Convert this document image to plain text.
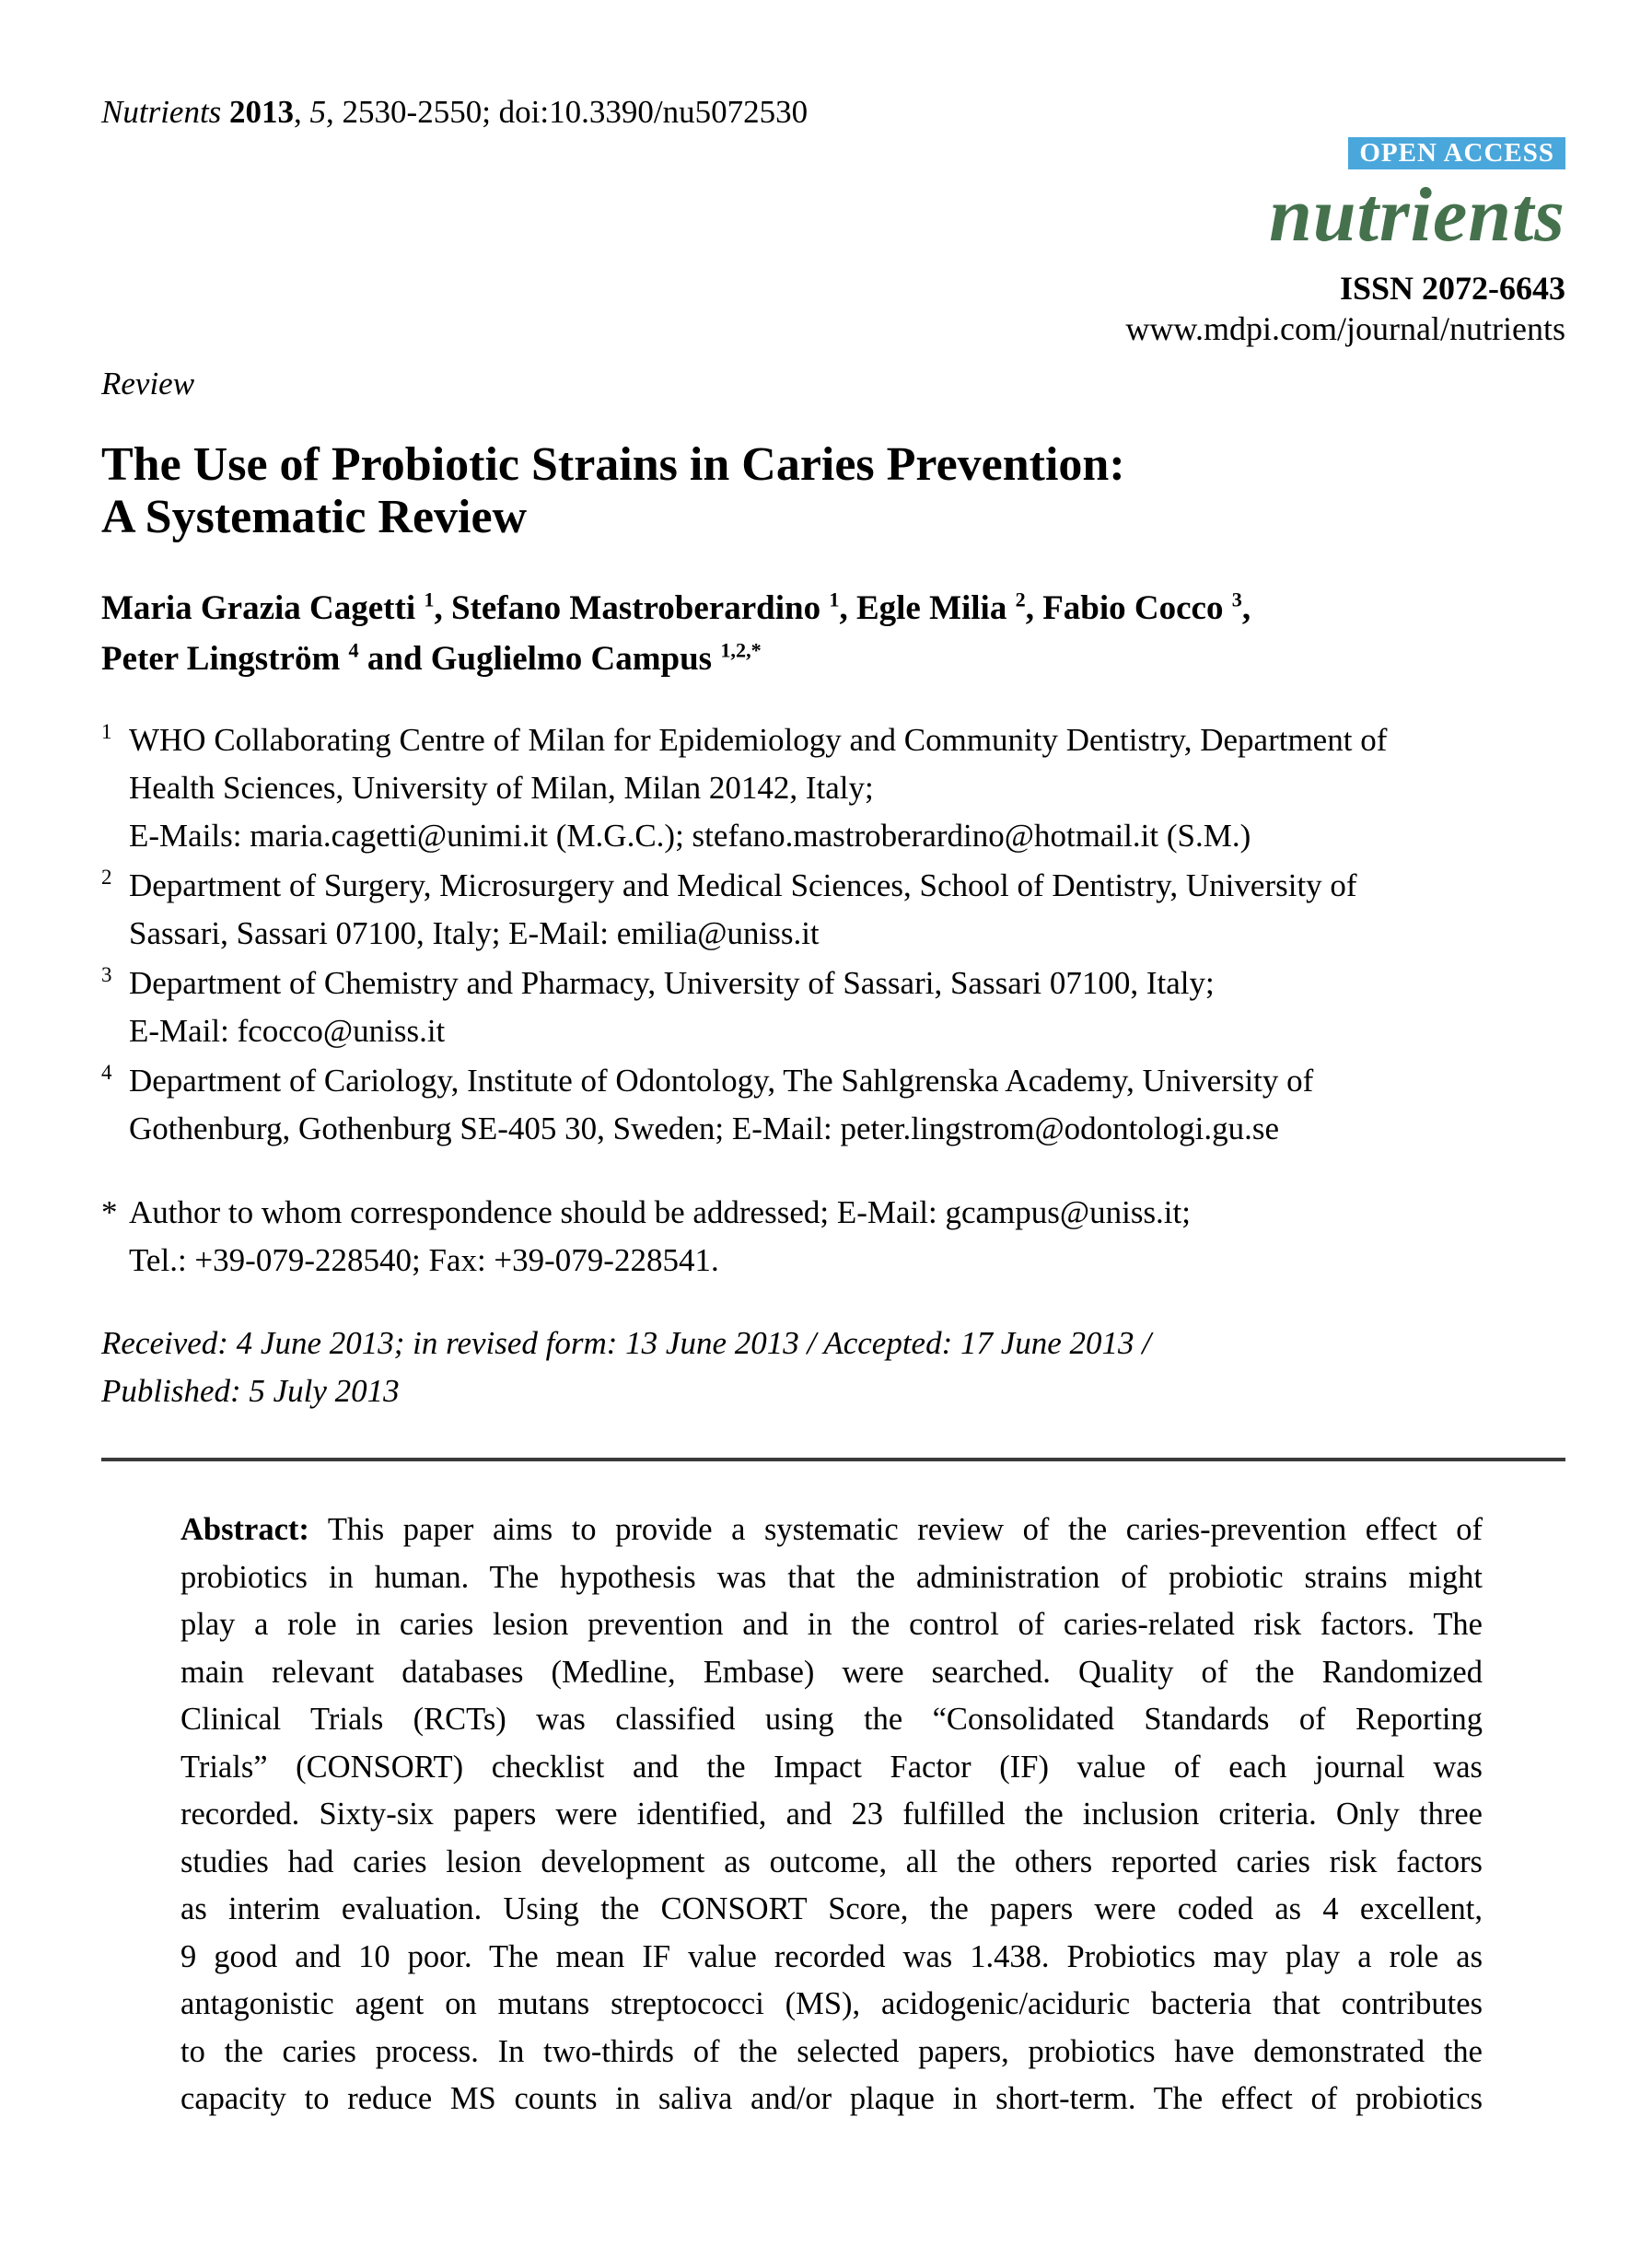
Nutrients 2013, 5, 2530-2550; doi:10.3390/nu5072530
OPEN ACCESS
nutrients
ISSN 2072-6643
www.mdpi.com/journal/nutrients
Review
The Use of Probiotic Strains in Caries Prevention:
A Systematic Review
Maria Grazia Cagetti $^1$, Stefano Mastroberardino $^1$, Egle Milia $^2$, Fabio Cocco $^3$,
Peter Lingström $^4$ and Guglielmo Campus $^{1,2,*}$
1 WHO Collaborating Centre of Milan for Epidemiology and Community Dentistry, Department of
Health Sciences, University of Milan, Milan 20142, Italy;
E-Mails: maria.cagetti@unimi.it (M.G.C.); stefano.mastroberardino@hotmail.it (S.M.)
2 Department of Surgery, Microsurgery and Medical Sciences, School of Dentistry, University of
Sassari, Sassari 07100, Italy; E-Mail: emilia@uniss.it
3 Department of Chemistry and Pharmacy, University of Sassari, Sassari 07100, Italy;
E-Mail: fcocco@uniss.it
4 Department of Cariology, Institute of Odontology, The Sahlgrenska Academy, University of
Gothenburg, Gothenburg SE-405 30, Sweden; E-Mail: peter.lingstrom@odontologi.gu.se
* Author to whom correspondence should be addressed; E-Mail: gcampus@uniss.it;
Tel.: +39-079-228540; Fax: +39-079-228541.
Received: 4 June 2013; in revised form: 13 June 2013 / Accepted: 17 June 2013 /
Published: 5 July 2013
Abstract: This paper aims to provide a systematic review of the caries-prevention effect of
probiotics in human. The hypothesis was that the administration of probiotic strains might
play a role in caries lesion prevention and in the control of caries-related risk factors. The
main relevant databases (Medline, Embase) were searched. Quality of the Randomized
Clinical Trials (RCTs) was classified using the “Consolidated Standards of Reporting
Trials” (CONSORT) checklist and the Impact Factor (IF) value of each journal was
recorded. Sixty-six papers were identified, and 23 fulfilled the inclusion criteria. Only three
studies had caries lesion development as outcome, all the others reported caries risk factors
as interim evaluation. Using the CONSORT Score, the papers were coded as 4 excellent,
9 good and 10 poor. The mean IF value recorded was 1.438. Probiotics may play a role as
antagonistic agent on mutans streptococci (MS), acidogenic/aciduric bacteria that contributes
to the caries process. In two-thirds of the selected papers, probiotics have demonstrated the
capacity to reduce MS counts in saliva and/or plaque in short-term. The effect of probiotics
